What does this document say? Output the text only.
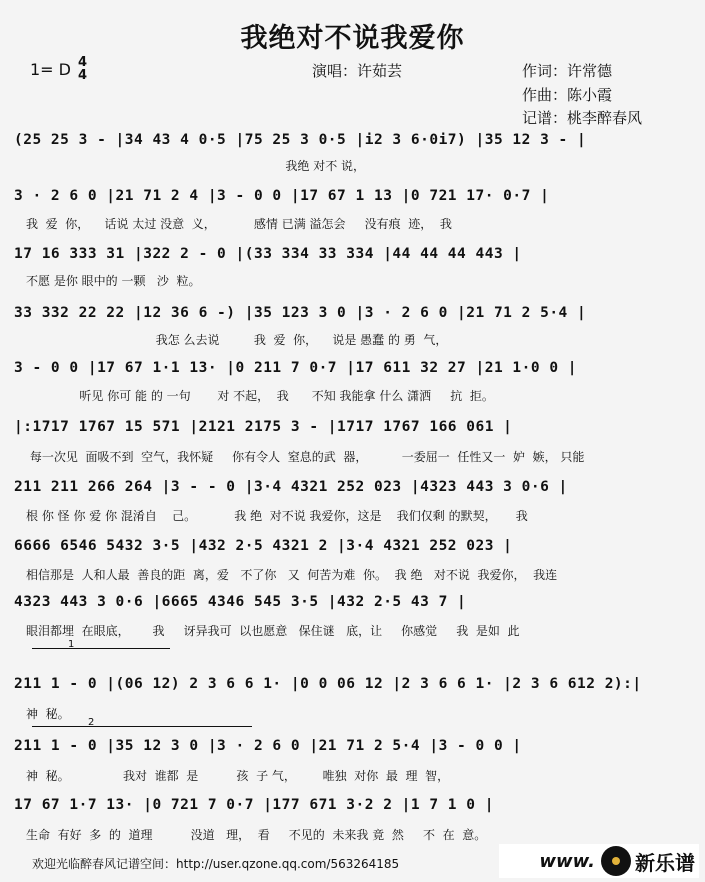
我绝对不说我爱你
1= D 4
4	演唱：许茹芸	作词：许常德
作曲：陈小霞
记谱：桃李醉春风
(25 25 3 - |34 43 4 0·5 |75 25 3 0·5 |i2 3 6·0i7) |35 12 3 - |
我绝 对不 说，
3 · 2 6 0 |21 71 2 4 |3 - 0 0 |17 67 1 13 |0 721 17· 0·7 |
我  爱  你，    话说 太过 没意  义，          感情 已满 溢怎会     没有痕  迹，  我
17 16 333 31 |322 2 - 0 |(33 334 33 334 |44 44 44 443 |
不愿 是你 眼中的 一颗   沙  粒。
33 332 22 22 |12 36 6 -) |35 123 3 0 |3 · 2 6 0 |21 71 2 5·4 |
我怎 么去说         我  爱  你，    说是 愚蠢 的 勇  气，
3 - 0 0 |17 67 1·1 13· |0 211 7 0·7 |17 611 32 27 |21 1·0 0 |
听见 你可 能 的 一句       对 不起，  我      不知 我能拿 什么 潇洒     抗  拒。
|:1717 1767 15 571 |2121 2175 3 - |1717 1767 166 061 |
每一次见  面吸不到  空气，我怀疑     你有令人  窒息的武  器，         一委屈一  任性又一  妒  嫉， 只能
211 211 266 264 |3 - - 0 |3·4 4321 252 023 |4323 443 3 0·6 |
根 你 怪 你 爱 你 混淆自    己。          我 绝  对不说 我爱你，这是    我们仅剩 的默契，     我
6666 6546 5432 3·5 |432 2·5 4321 2 |3·4 4321 252 023 |
相信那是  人和人最  善良的距  离，爱   不了你   又  何苦为难  你。  我 绝   对不说  我爱你，  我连
4323 443 3 0·6 |6665 4346 545 3·5 |432 2·5 43 7 |
眼泪都埋  在眼底，      我     讶异我可  以也愿意   保住谜   底，让     你感觉     我  是如  此
1
211 1 - 0 |(06 12) 2 3 6 6 1· |0 0 06 12 |2 3 6 6 1· |2 3 6 612 2):|
神  秘。
2
211 1 - 0 |35 12 3 0 |3 · 2 6 0 |21 71 2 5·4 |3 - 0 0 |
神  秘。              我对  谁都  是          孩  子 气，       唯独  对你  最  理  智，
17 67 1·7 13· |0 721 7 0·7 |177 671 3·2 2 |1 7 1 0 |
生命  有好  多  的  道理          没道   理，  看     不见的  未来我 竟  然     不  在  意。
欢迎光临醉春风记谱空间：http://user.qzone.qq.com/563264185	www. 新乐谱
